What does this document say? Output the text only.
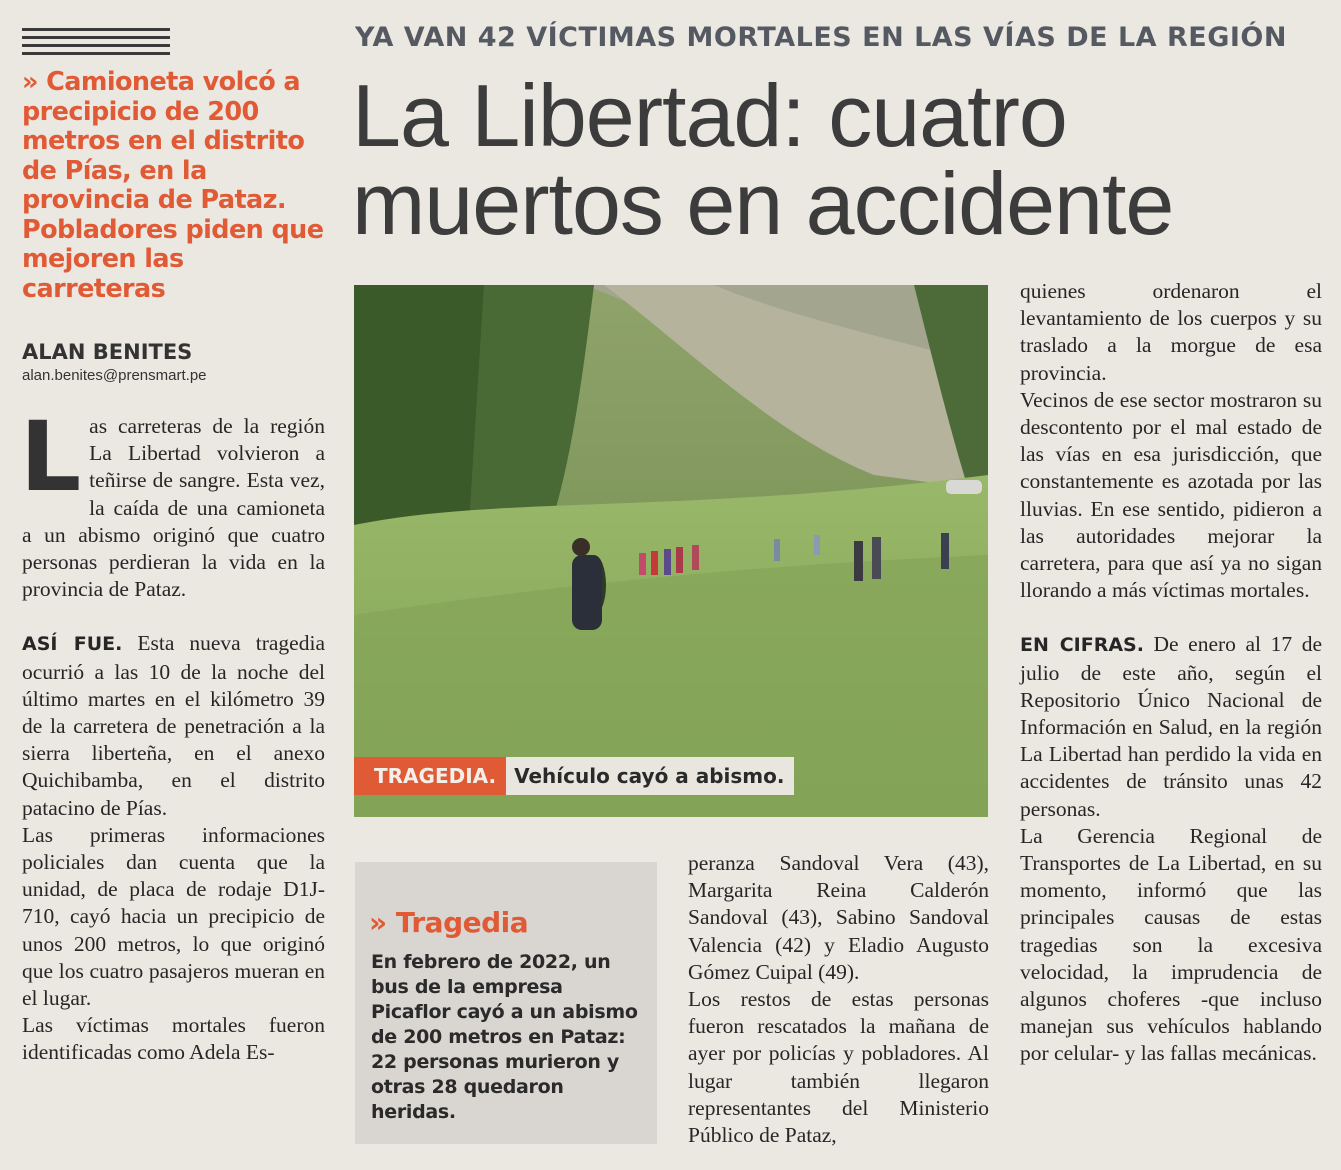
YA VAN 42 VÍCTIMAS MORTALES EN LAS VÍAS DE LA REGIÓN
La Libertad: cuatro
muertos en accidente
» Camioneta volcó a precipicio de 200 metros en el distrito de Pías, en la provincia de Pataz. Pobladores piden que mejoren las carreteras
ALAN BENITES
alan.benites@prensmart.pe

L as carreteras de la región La Libertad volvieron a teñirse de sangre. Esta vez, la caída de una camioneta a un abismo originó que cuatro personas perdieran la vida en la provincia de Pataz.

ASÍ FUE. Esta nueva tragedia ocurrió a las 10 de la noche del último martes en el kilómetro 39 de la carretera de penetración a la sierra liberteña, en el anexo Quichibamba, en el distrito patacino de Pías.

Las primeras informaciones policiales dan cuenta que la unidad, de placa de rodaje D1J-710, cayó hacia un precipicio de unos 200 metros, lo que originó que los cuatro pasajeros mueran en el lugar.

Las víctimas mortales fueron identificadas como Adela Es-

TRAGEDIA. Vehículo cayó a abismo.
» Tragedia
En febrero de 2022, un bus de la empresa Picaflor cayó a un abismo de 200 metros en Pataz: 22 personas murieron y otras 28 quedaron heridas.

peranza Sandoval Vera (43), Margarita Reina Calderón Sandoval (43), Sabino Sandoval Valencia (42) y Eladio Augusto Gómez Cuipal (49).

Los restos de estas personas fueron rescatados la mañana de ayer por policías y pobladores. Al lugar también llegaron representantes del Ministerio Público de Pataz,

quienes ordenaron el levantamiento de los cuerpos y su traslado a la morgue de esa provincia.

Vecinos de ese sector mostraron su descontento por el mal estado de las vías en esa jurisdicción, que constantemente es azotada por las lluvias. En ese sentido, pidieron a las autoridades mejorar la carretera, para que así ya no sigan llorando a más víctimas mortales.

EN CIFRAS. De enero al 17 de julio de este año, según el Repositorio Único Nacional de Información en Salud, en la región La Libertad han perdido la vida en accidentes de tránsito unas 42 personas.

La Gerencia Regional de Transportes de La Libertad, en su momento, informó que las principales causas de estas tragedias son la excesiva velocidad, la imprudencia de algunos choferes -que incluso manejan sus vehículos hablando por celular- y las fallas mecánicas.
